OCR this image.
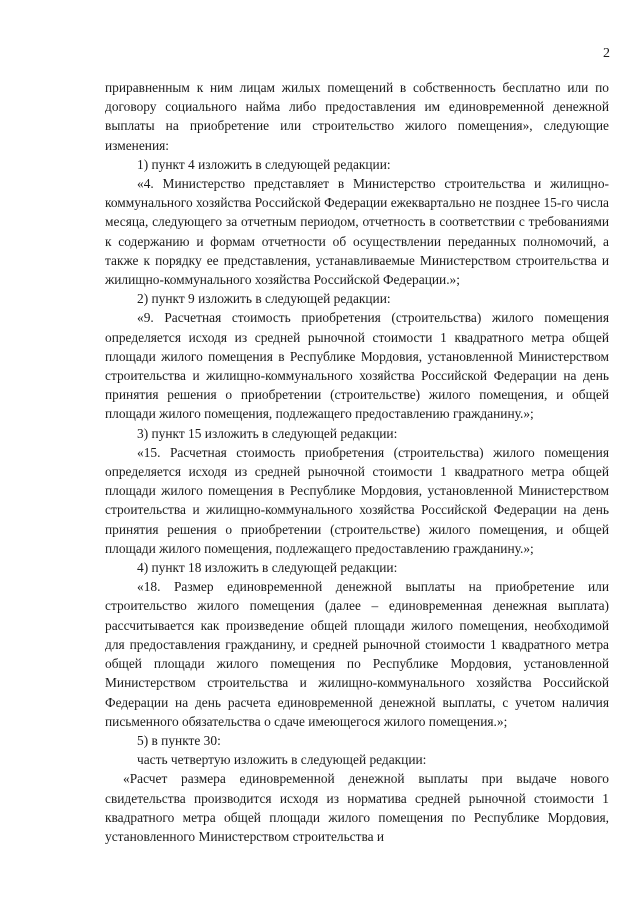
2

приравненным к ним лицам жилых помещений в собственность бесплатно или по договору социального найма либо предоставления им единовременной денежной выплаты на приобретение или строительство жилого помещения», следующие изменения:

1) пункт 4 изложить в следующей редакции:

«4. Министерство представляет в Министерство строительства и жилищно-коммунального хозяйства Российской Федерации ежеквартально не позднее 15-го числа месяца, следующего за отчетным периодом, отчетность в соответствии с требованиями к содержанию и формам отчетности об осуществлении переданных полномочий, а также к порядку ее представления, устанавливаемые Министерством строительства и жилищно-коммунального хозяйства Российской Федерации.»;

2) пункт 9 изложить в следующей редакции:

«9. Расчетная стоимость приобретения (строительства) жилого помещения определяется исходя из средней рыночной стоимости 1 квадратного метра общей площади жилого помещения в Республике Мордовия, установленной Министерством строительства и жилищно-коммунального хозяйства Российской Федерации на день принятия решения о приобретении (строительстве) жилого помещения, и общей площади жилого помещения, подлежащего предоставлению гражданину.»;

3) пункт 15 изложить в следующей редакции:

«15. Расчетная стоимость приобретения (строительства) жилого помещения определяется исходя из средней рыночной стоимости 1 квадратного метра общей площади жилого помещения в Республике Мордовия, установленной Министерством строительства и жилищно-коммунального хозяйства Российской Федерации на день принятия решения о приобретении (строительстве) жилого помещения, и общей площади жилого помещения, подлежащего предоставлению гражданину.»;

4) пункт 18 изложить в следующей редакции:

«18. Размер единовременной денежной выплаты на приобретение или строительство жилого помещения (далее – единовременная денежная выплата) рассчитывается как произведение общей площади жилого помещения, необходимой для предоставления гражданину, и средней рыночной стоимости 1 квадратного метра общей площади жилого помещения по Республике Мордовия, установленной Министерством строительства и жилищно-коммунального хозяйства Российской Федерации на день расчета единовременной денежной выплаты, с учетом наличия письменного обязательства о сдаче имеющегося жилого помещения.»;

5) в пункте 30:

часть четвертую изложить в следующей редакции:

«Расчет размера единовременной денежной выплаты при выдаче нового свидетельства производится исходя из норматива средней рыночной стоимости 1 квадратного метра общей площади жилого помещения по Республике Мордовия, установленного Министерством строительства и
